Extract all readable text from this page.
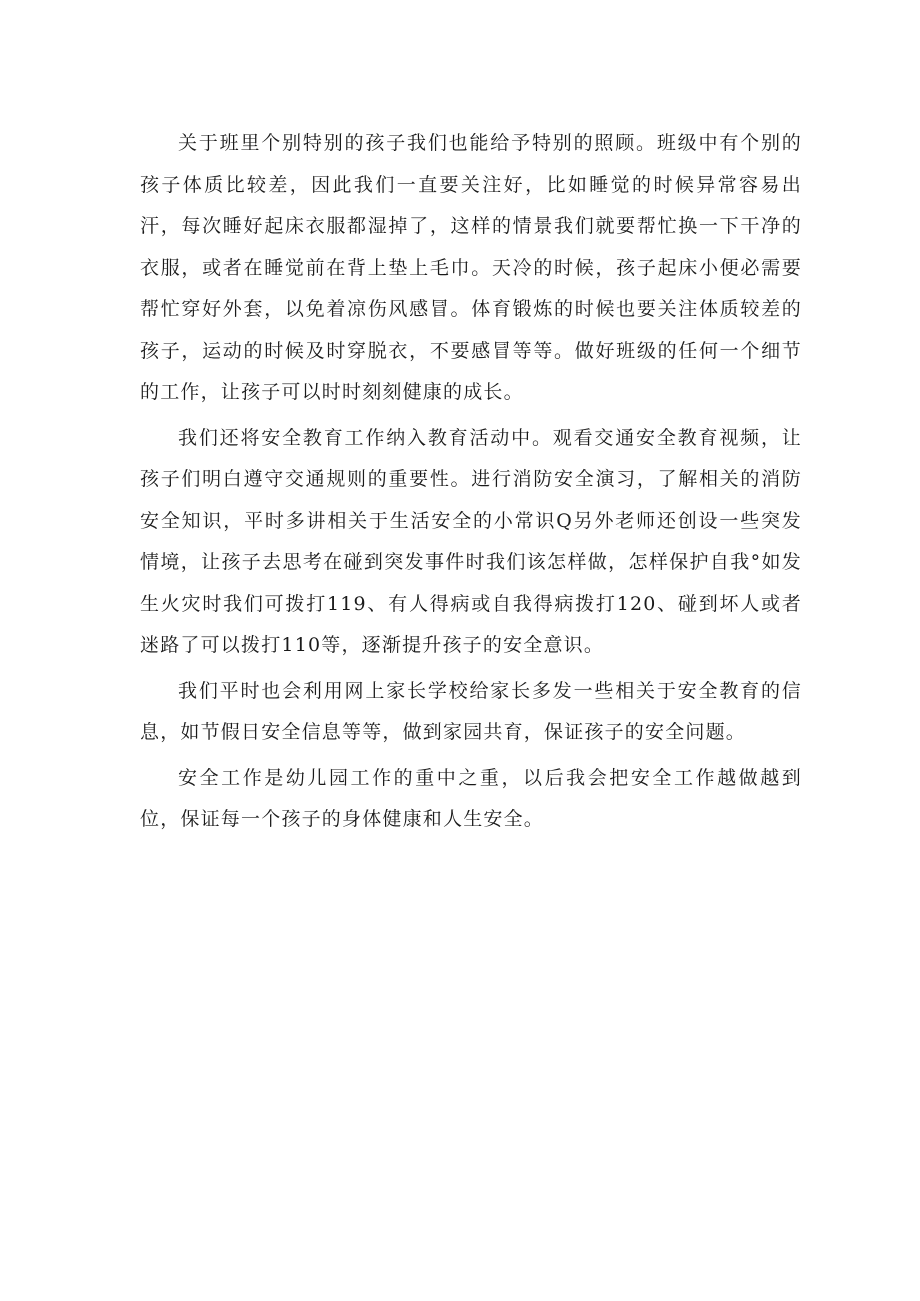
关于班里个别特别的孩子我们也能给予特别的照顾。班级中有个别的孩子体质比较差，因此我们一直要关注好，比如睡觉的时候异常容易出汗，每次睡好起床衣服都湿掉了，这样的情景我们就要帮忙换一下干净的衣服，或者在睡觉前在背上垫上毛巾。天冷的时候，孩子起床小便必需要帮忙穿好外套，以免着凉伤风感冒。体育锻炼的时候也要关注体质较差的孩子，运动的时候及时穿脱衣，不要感冒等等。做好班级的任何一个细节的工作，让孩子可以时时刻刻健康的成长。

我们还将安全教育工作纳入教育活动中。观看交通安全教育视频，让孩子们明白遵守交通规则的重要性。进行消防安全演习，了解相关的消防安全知识，平时多讲相关于生活安全的小常识Q另外老师还创设一些突发情境，让孩子去思考在碰到突发事件时我们该怎样做，怎样保护自我°如发生火灾时我们可拨打119、有人得病或自我得病拨打120、碰到坏人或者迷路了可以拨打110等，逐渐提升孩子的安全意识。

我们平时也会利用网上家长学校给家长多发一些相关于安全教育的信息，如节假日安全信息等等，做到家园共育，保证孩子的安全问题。

安全工作是幼儿园工作的重中之重，以后我会把安全工作越做越到位，保证每一个孩子的身体健康和人生安全。
